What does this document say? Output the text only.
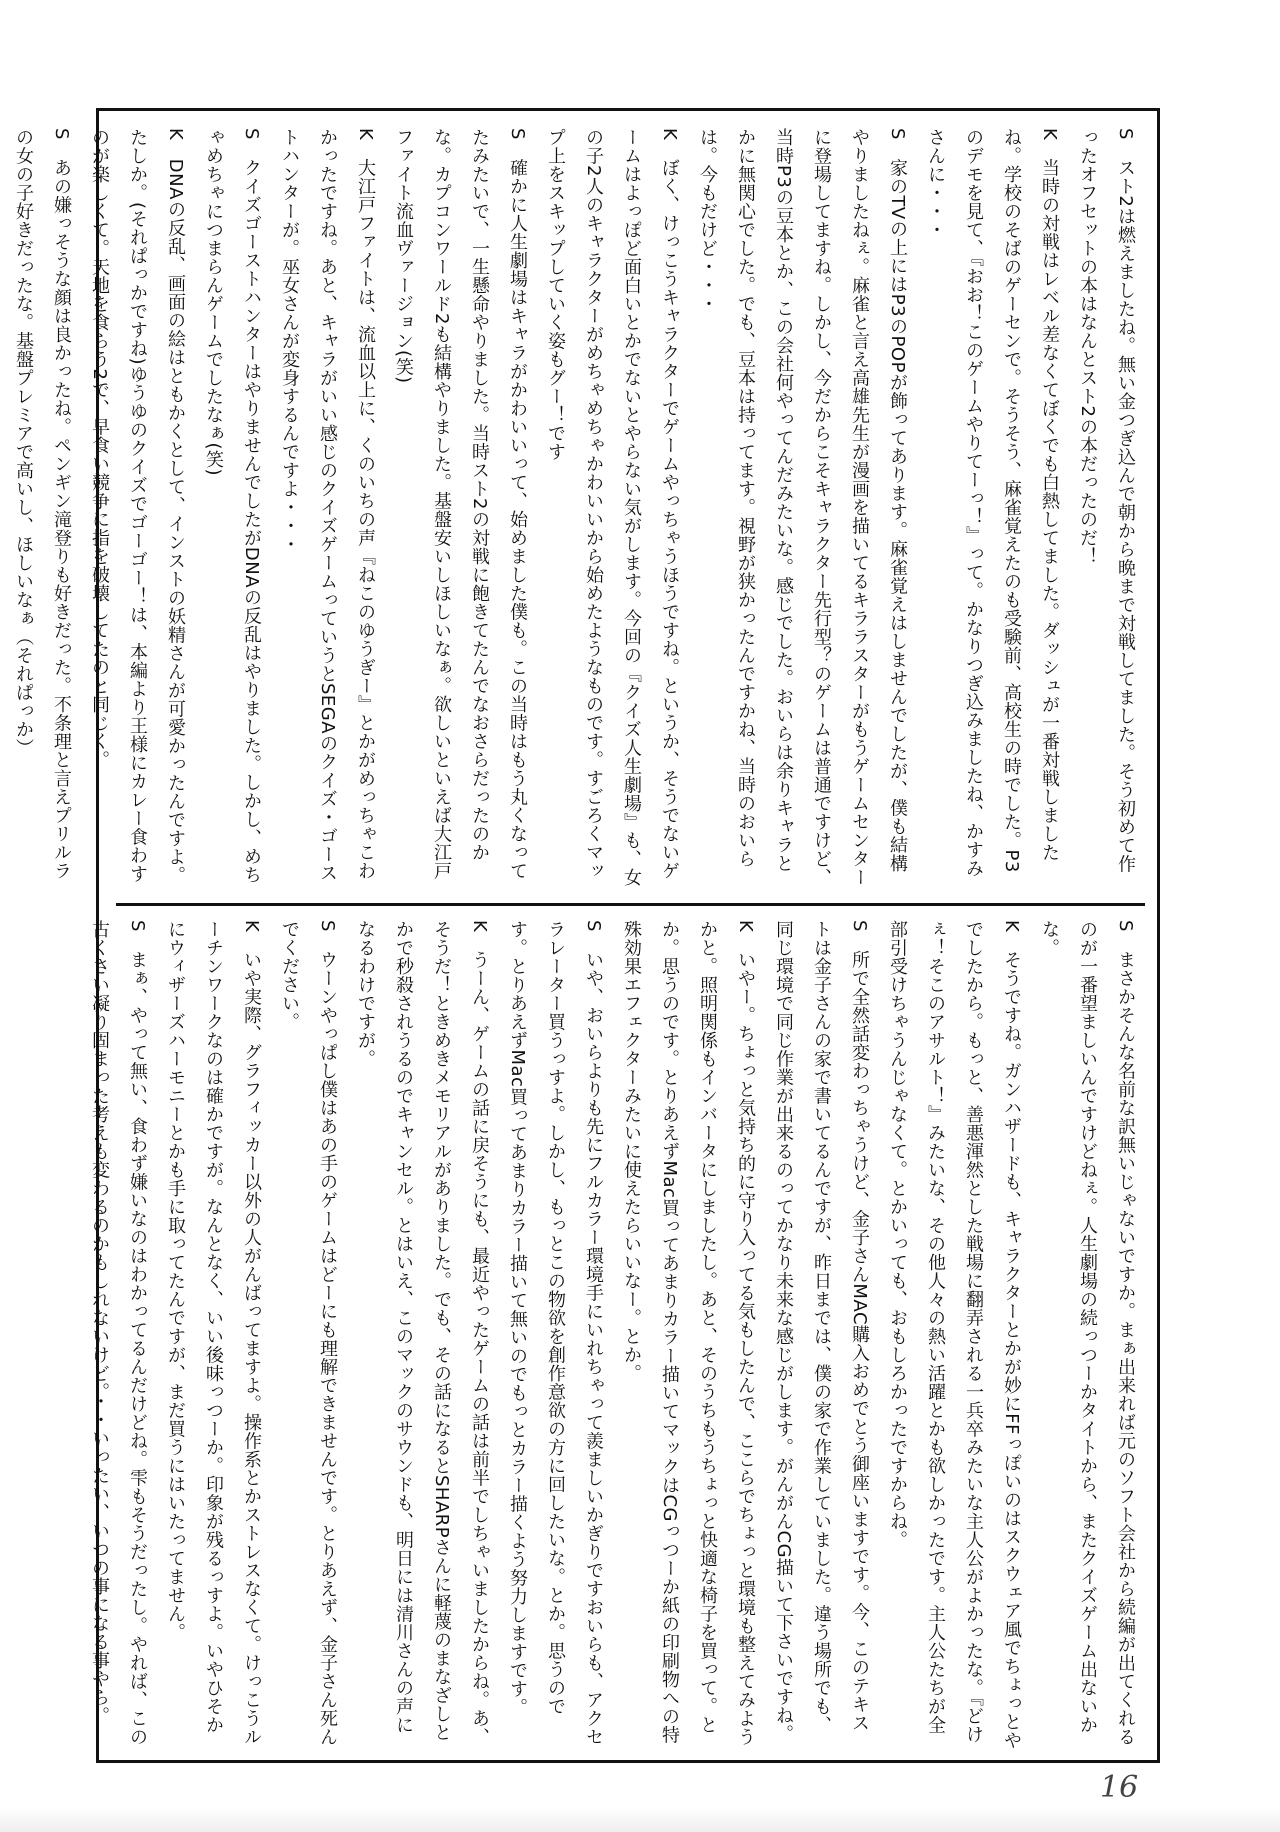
S　スト2は燃えましたね。無い金つぎ込んで朝から晩まで対戦してました。そう初めて作ったオフセットの本はなんとスト2の本だったのだ！

K　当時の対戦はレベル差なくてぼくでも白熱してました。ダッシュが一番対戦しましたね。学校のそばのゲーセンで。そうそう、麻雀覚えたのも受験前、高校生の時でした。P3のデモを見て、『おお！このゲームやりてーっ！』って。かなりつぎ込みましたね、かすみさんに・・・

S　家のTVの上にはP3のPOPが飾ってあります。麻雀覚えはしませんでしたが、僕も結構やりましたねぇ。麻雀と言え高雄先生が漫画を描いてるキララスターがもうゲームセンターに登場してますね。しかし、今だからこそキャラクター先行型？のゲームは普通ですけど、当時P3の豆本とか、この会社何やってんだみたいな。感じでした。おいらは余りキャラとかに無関心でした。でも、豆本は持ってます。視野が狭かったんですかね、当時のおいらは。今もだけど・・・

K　ぼく、けっこうキャラクターでゲームやっちゃうほうですね。というか、そうでないゲームはよっぽど面白いとかでないとやらない気がします。今回の『クイズ人生劇場』も、女の子2人のキャラクターがめちゃめちゃかわいいから始めたようなものです。すごろくマップ上をスキップしていく姿もグー！です

S　確かに人生劇場はキャラがかわいいって、始めました僕も。この当時はもう丸くなってたみたいで、一生懸命やりました。当時スト2の対戦に飽きてたんでなおさらだったのかな。カプコンワールド2も結構やりました。基盤安いしほしいなぁ。欲しいといえば大江戸ファイト流血ヴァージョン(笑)

K　大江戸ファイトは、流血以上に、くのいちの声『ねこのゆうぎー』とかがめっちゃこわかったですね。あと、キャラがいい感じのクイズゲームっていうとSEGAのクイズ・ゴーストハンターが。巫女さんが変身するんですよ・・・

S　クイズゴーストハンターはやりませんでしたがDNAの反乱はやりました。しかし、めちゃめちゃにつまらんゲームでしたなぁ(笑)

K　DNAの反乱、画面の絵はともかくとして、インストの妖精さんが可愛かったんですよ。たしか。(それぱっかですね)ゆうゆのクイズでゴーゴー！は、本編より王様にカレー食わすのが楽しくて。天地を食らう2で、早食い競争に指を破壊してたのと同じく。

S　あの嫌っそうな顔は良かったね。ペンギン滝登りも好きだった。不条理と言えプリルラの女の子好きだったな。基盤プレミアで高いし、ほしいなぁ（それぱっか）

S　まさかそんな名前な訳無いじゃないですか。まぁ出来れば元のソフト会社から続編が出てくれるのが一番望ましいんですけどねぇ。人生劇場の続っつーかタイトから、またクイズゲーム出ないかな。

K　そうですね。ガンハザードも、キャラクターとかが妙にFFっぽいのはスクウェア風でちょっとやでしたから。もっと、善悪渾然とした戦場に翻弄される一兵卒みたいな主人公がよかったな。『どけぇ！そこのアサルト！』みたいな、その他人々の熱い活躍とかも欲しかったです。主人公たちが全部引受けちゃうんじゃなくて。とかいっても、おもしろかったですからね。

S　所で全然話変わっちゃうけど、金子さんMAC購入おめでとう御座いますです。今、このテキストは金子さんの家で書いてるんですが、昨日までは、僕の家で作業していました。違う場所でも、同じ環境で同じ作業が出来るのってかなり未来な感じがします。がんがんCG描いて下さいですね。

K　いやー。ちょっと気持ち的に守り入ってる気もしたんで、ここらでちょっと環境も整えてみようかと。照明関係もインバータにしましたし。あと、そのうちもうちょっと快適な椅子を買って。とか。思うのです。とりあえずMac買ってあまりカラー描いてマックはCGっつーか紙の印刷物への特殊効果エフェクターみたいに使えたらいいなー。とか。

S　いや、おいらよりも先にフルカラー環境手にいれちゃって羨ましいかぎりですおいらも、アクセラレーター買うっすよ。しかし、もっとこの物欲を創作意欲の方に回したいな。とか。思うのです。とりあえずMac買ってあまりカラー描いて無いのでもっとカラー描くよう努力しますです。

K　うーん、ゲームの話に戻そうにも、最近やったゲームの話は前半でしちゃいましたからね。あ、そうだ！ときめきメモリアルがありました。でも、その話になるとSHARPさんに軽蔑のまなざしとかで秒殺されうるのでキャンセル。とはいえ、このマックのサウンドも、明日には清川さんの声になるわけですが。

S　ウーンやっぱし僕はあの手のゲームはどーにも理解できませんです。とりあえず、金子さん死んでください。

K　いや実際、グラフィッカー以外の人がんばってますよ。操作系とかストレスなくて。けっこうルーチンワークなのは確かですが。なんとなく、いい後味っつーか。印象が残るっすよ。いやひそかにウィザーズハーモニーとかも手に取ってたんですが、まだ買うにはいたってません。

S　まぁ、やって無い、食わず嫌いなのはわかってるんだけどね。雫もそうだったし。やれば、この古くさい凝り固まった考えも変わるのかもしれないけど。・・いったい、いつの事になる事やら。

16
